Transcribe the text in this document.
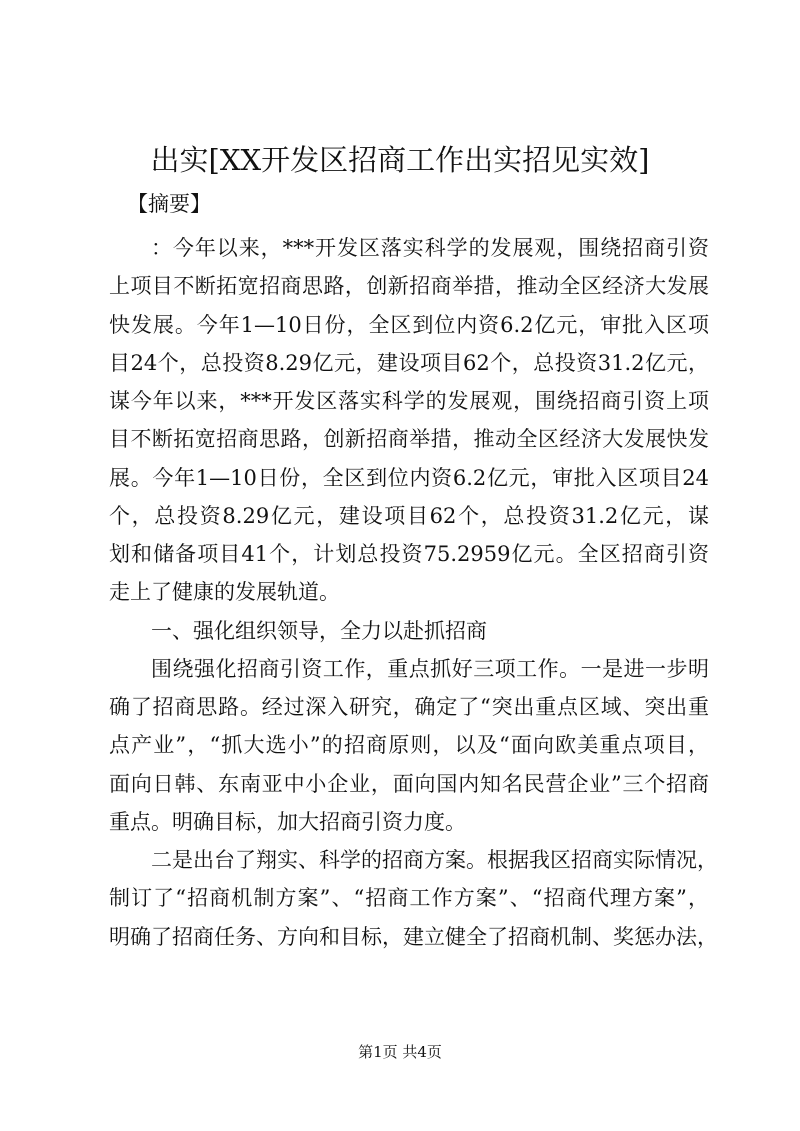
出实[XX开发区招商工作出实招见实效]
【摘要】
：今年以来，***开发区落实科学的发展观，围绕招商引资
上项目不断拓宽招商思路，创新招商举措，推动全区经济大发展
快发展。今年1—10日份，全区到位内资6.2亿元，审批入区项
目24个，总投资8.29亿元，建设项目62个，总投资31.2亿元，
谋今年以来，***开发区落实科学的发展观，围绕招商引资上项
目不断拓宽招商思路，创新招商举措，推动全区经济大发展快发
展。今年1—10日份，全区到位内资6.2亿元，审批入区项目24
个，总投资8.29亿元，建设项目62个，总投资31.2亿元，谋
划和储备项目41个，计划总投资75.2959亿元。全区招商引资
走上了健康的发展轨道。
一、强化组织领导，全力以赴抓招商
围绕强化招商引资工作，重点抓好三项工作。一是进一步明
确了招商思路。经过深入研究，确定了“突出重点区域、突出重
点产业”，“抓大选小”的招商原则，以及“面向欧美重点项目，
面向日韩、东南亚中小企业，面向国内知名民营企业”三个招商
重点。明确目标，加大招商引资力度。
二是出台了翔实、科学的招商方案。根据我区招商实际情况，
制订了“招商机制方案”、“招商工作方案”、“招商代理方案”，
明确了招商任务、方向和目标，建立健全了招商机制、奖惩办法，
第1页 共4页
